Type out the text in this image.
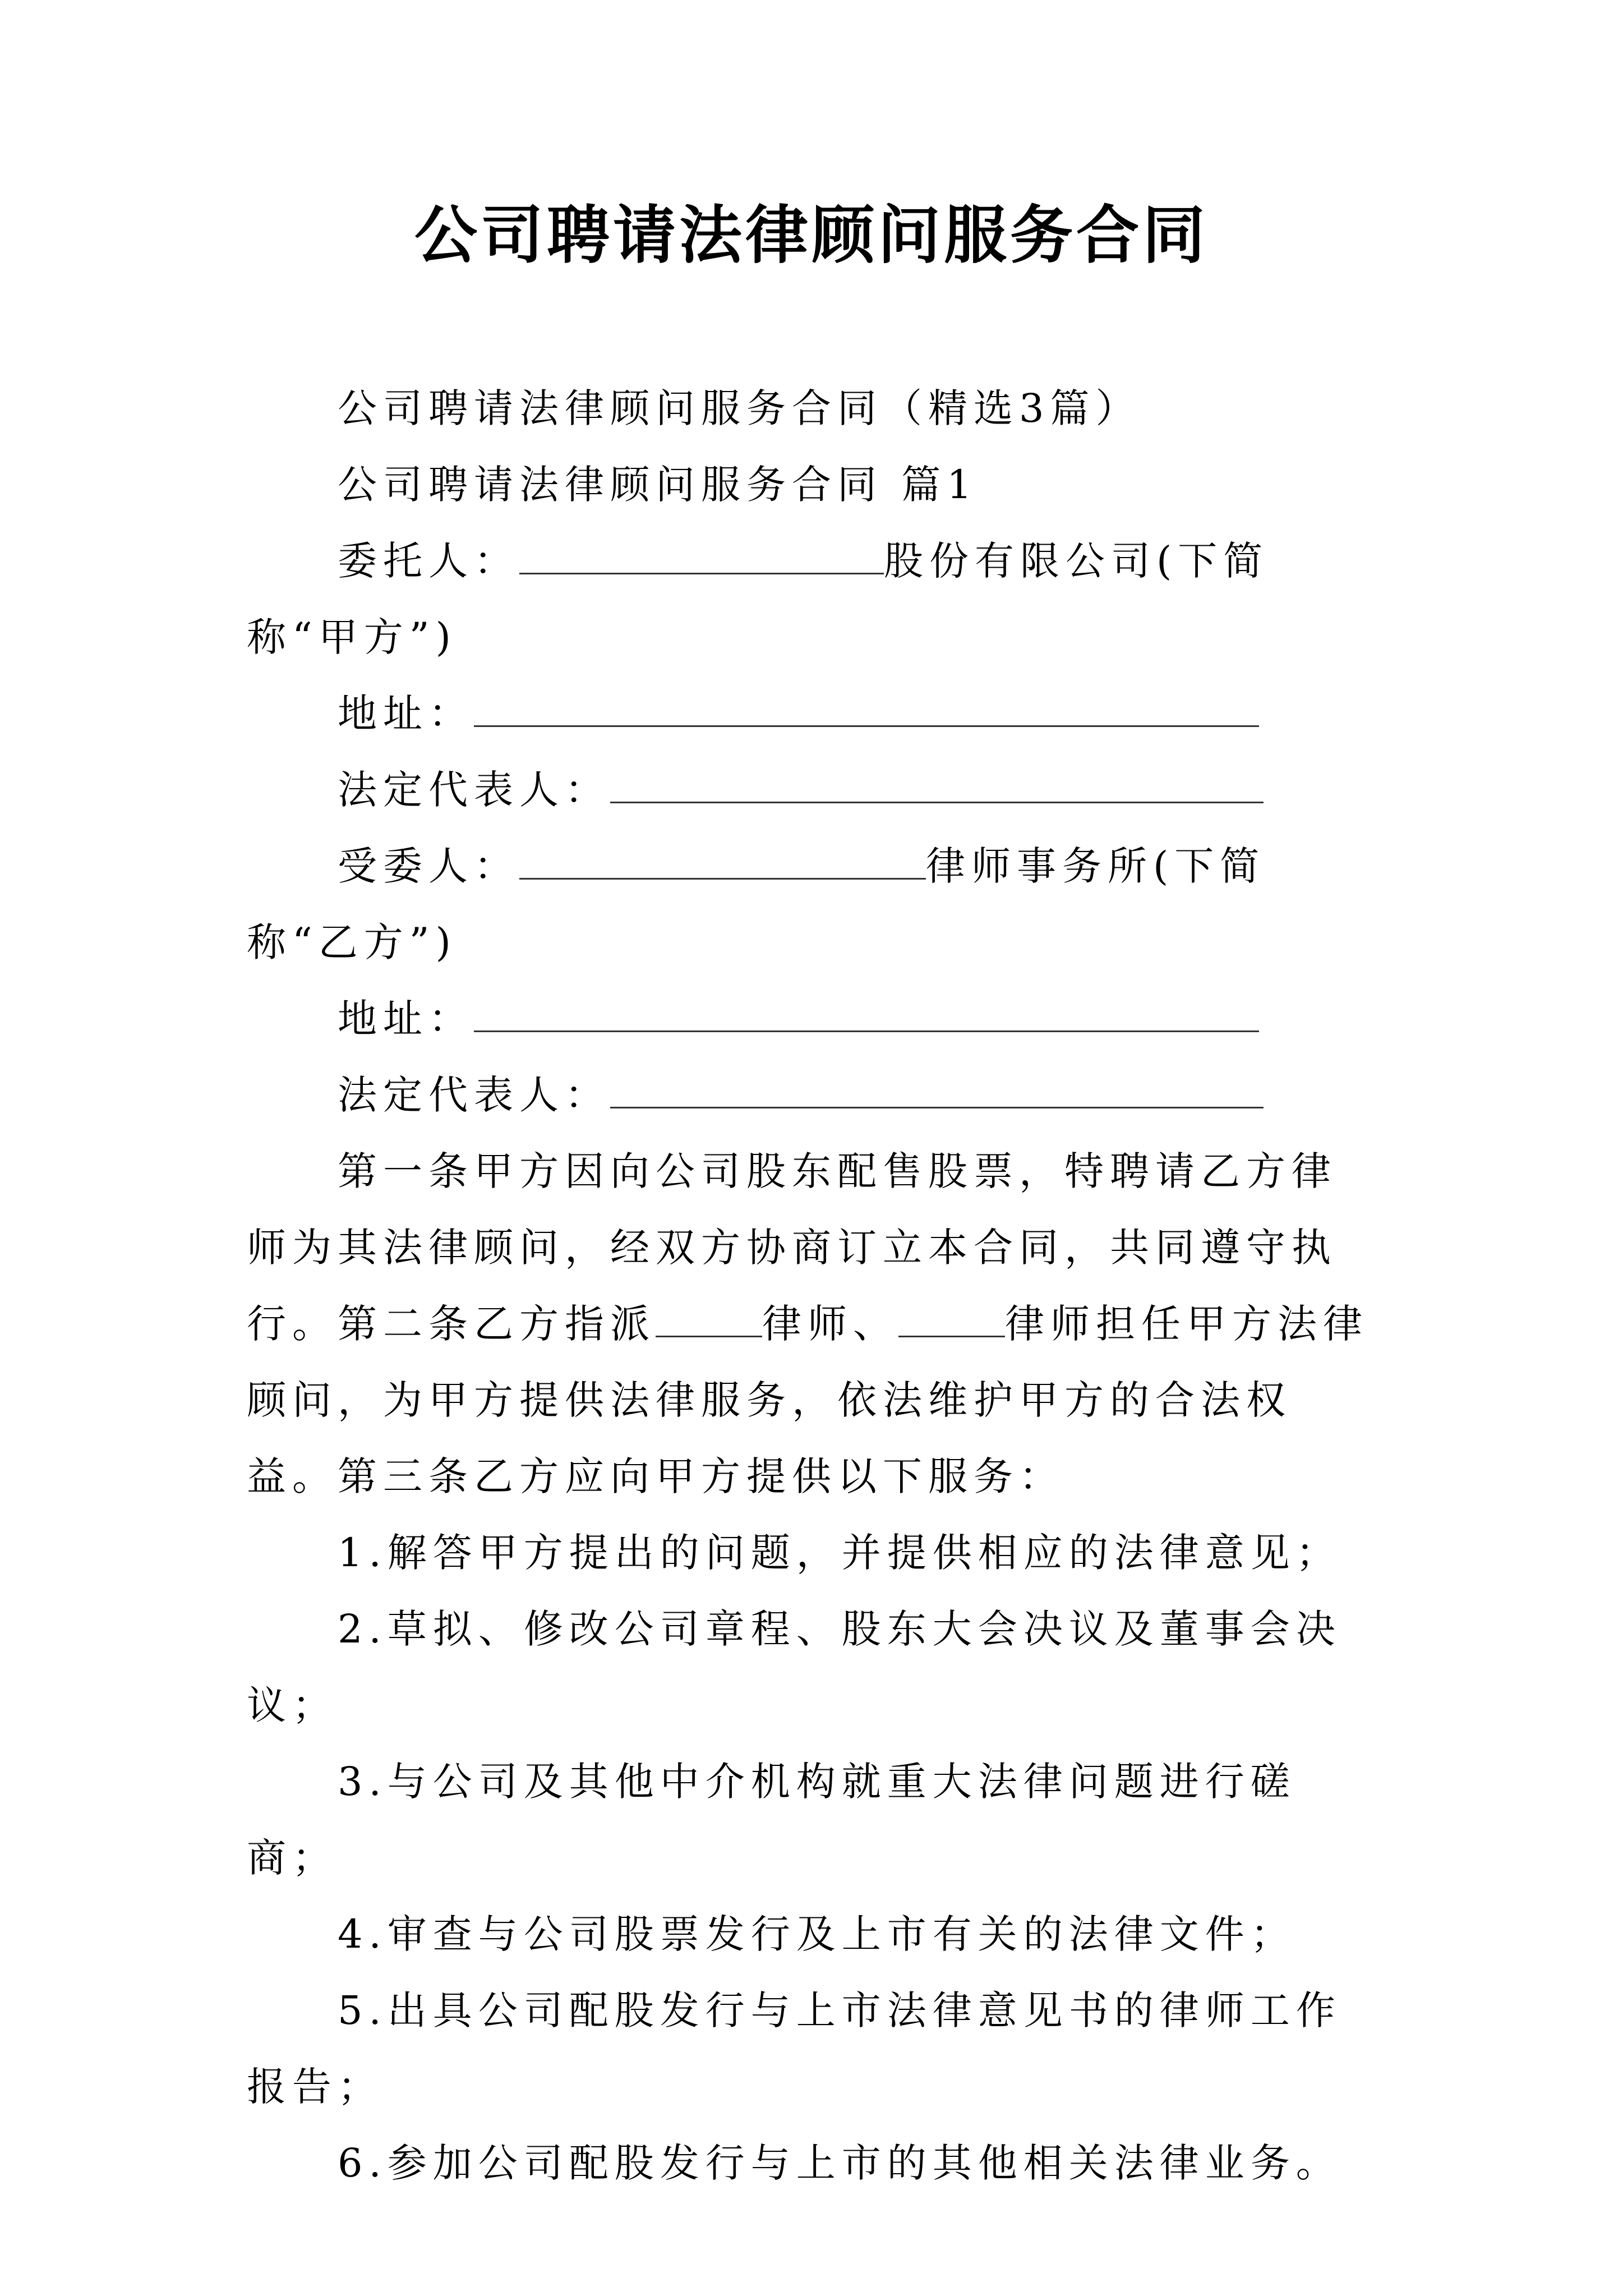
公司聘请法律顾问服务合同

公司聘请法律顾问服务合同（精选3篇）

公司聘请法律顾问服务合同 篇1

委托人：	股份有限公司(下简称“甲方”)

地址：

法定代表人：

受委人：	律师事务所(下简称“乙方”)

地址：

法定代表人：

第一条甲方因向公司股东配售股票，特聘请乙方律师为其法律顾问，经双方协商订立本合同，共同遵守执行。第二条乙方指派	律师、	律师担任甲方法律顾问，为甲方提供法律服务，依法维护甲方的合法权益。第三条乙方应向甲方提供以下服务：

1.解答甲方提出的问题，并提供相应的法律意见；

2.草拟、修改公司章程、股东大会决议及董事会决议；

3.与公司及其他中介机构就重大法律问题进行磋商；

4.审查与公司股票发行及上市有关的法律文件；

5.出具公司配股发行与上市法律意见书的律师工作报告；

6.参加公司配股发行与上市的其他相关法律业务。
